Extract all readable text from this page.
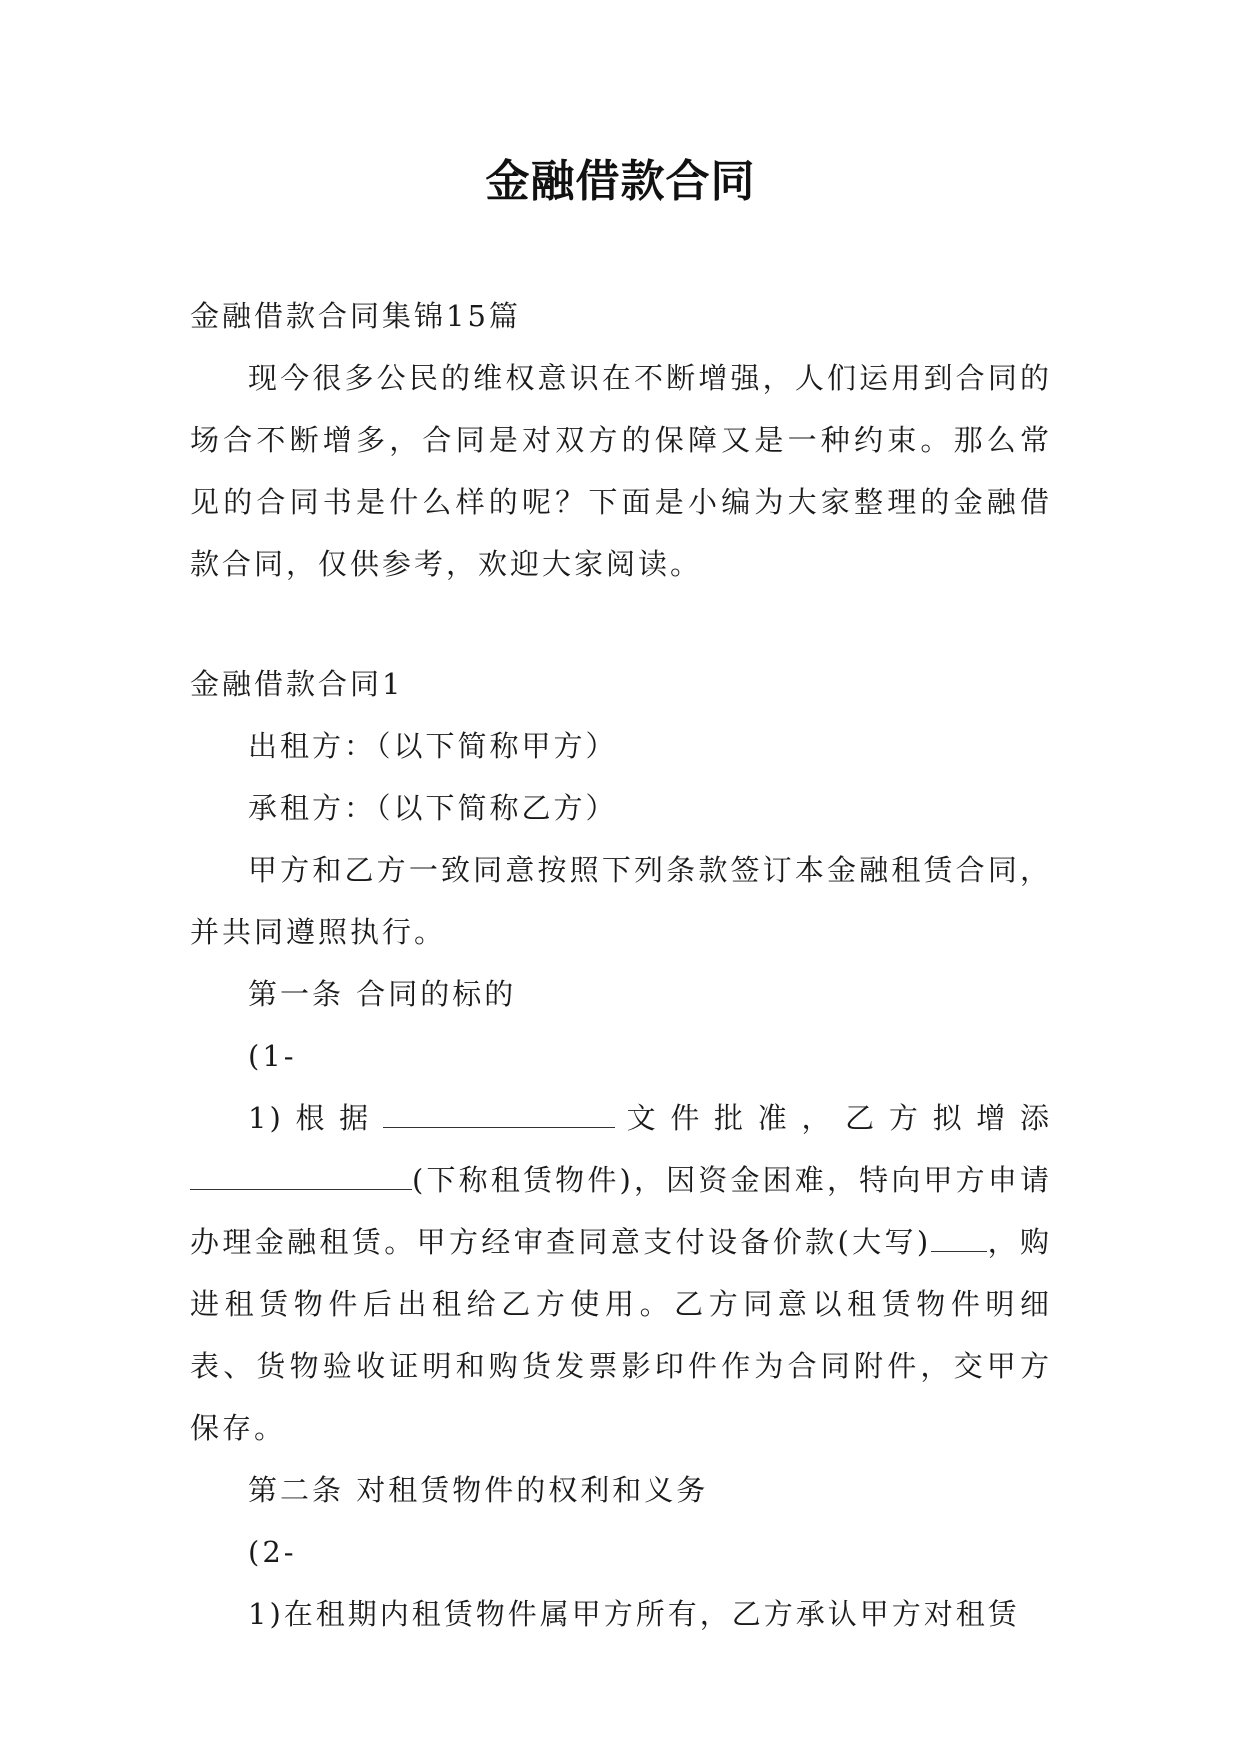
金融借款合同

金融借款合同集锦15篇

现今很多公民的维权意识在不断增强，人们运用到合同的场合不断增多，合同是对双方的保障又是一种约束。那么常见的合同书是什么样的呢？下面是小编为大家整理的金融借款合同，仅供参考，欢迎大家阅读。

金融借款合同1

出租方：（以下简称甲方）

承租方：（以下简称乙方）

甲方和乙方一致同意按照下列条款签订本金融租赁合同，并共同遵照执行。

第一条 合同的标的

(1-

1)根据	文件批准，乙方拟增添(下称租赁物件)，因资金困难，特向甲方申请办理金融租赁。甲方经审查同意支付设备价款(大写) ，购进租赁物件后出租给乙方使用。乙方同意以租赁物件明细表、货物验收证明和购货发票影印件作为合同附件，交甲方保存。

第二条 对租赁物件的权利和义务

(2-

1)在租期内租赁物件属甲方所有，乙方承认甲方对租赁
